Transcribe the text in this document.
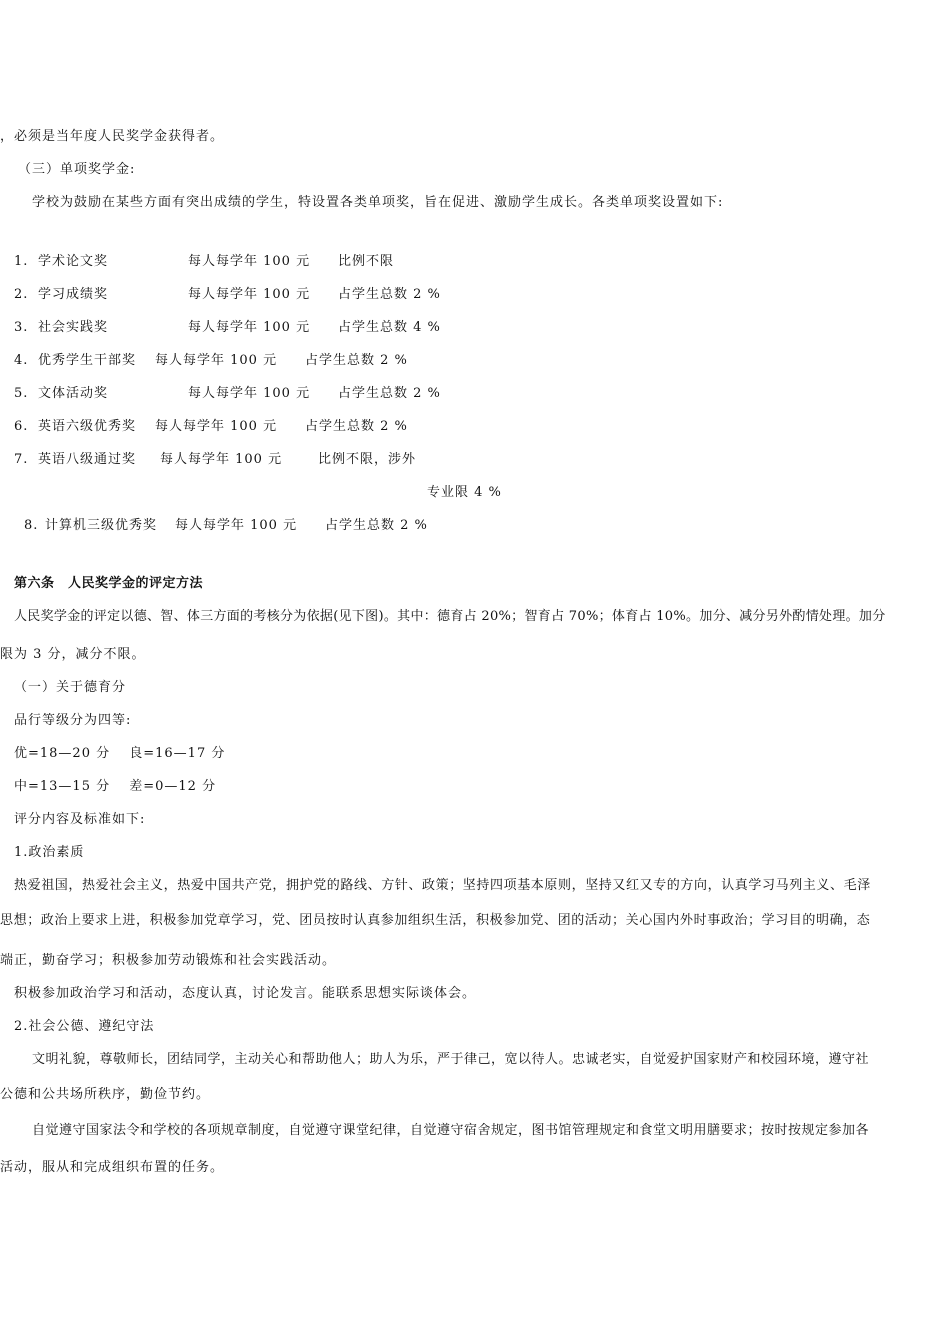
，必须是当年度人民奖学金获得者。
（三）单项奖学金:
学校为鼓励在某些方面有突出成绩的学生，特设置各类单项奖，旨在促进、激励学生成长。各类单项奖设置如下:
1. 学术论文奖	每人每学年 100 元 比例不限
2. 学习成绩奖	每人每学年 100 元 占学生总数 2 %
3. 社会实践奖	每人每学年 100 元 占学生总数 4 %
4. 优秀学生干部奖 每人每学年 100 元 占学生总数 2 %
5. 文体活动奖	每人每学年 100 元 占学生总数 2 %
6. 英语六级优秀奖 每人每学年 100 元 占学生总数 2 %
7. 英语八级通过奖 每人每学年 100 元	比例不限，涉外
专业限 4 %
8. 计算机三级优秀奖 每人每学年 100 元 占学生总数 2 %
第六条　人民奖学金的评定方法
人民奖学金的评定以德、智、体三方面的考核分为依据(见下图)。其中：德育占 20%；智育占 70%；体育占 10%。加分、减分另外酌情处理。加分
限为 3 分，减分不限。
（一）关于德育分
品行等级分为四等:
优=18—20 分　 良=16—17 分
中=13—15 分　 差=0—12 分
评分内容及标准如下:
1.政治素质
热爱祖国，热爱社会主义，热爱中国共产党，拥护党的路线、方针、政策；坚持四项基本原则，坚持又红又专的方向，认真学习马列主义、毛泽
思想；政治上要求上进，积极参加党章学习，党、团员按时认真参加组织生活，积极参加党、团的活动；关心国内外时事政治；学习目的明确，态
端正，勤奋学习；积极参加劳动锻炼和社会实践活动。
积极参加政治学习和活动，态度认真，讨论发言。能联系思想实际谈体会。
2.社会公德、遵纪守法
文明礼貌，尊敬师长，团结同学，主动关心和帮助他人；助人为乐，严于律己，宽以待人。忠诚老实，自觉爱护国家财产和校园环境，遵守社
公德和公共场所秩序，勤俭节约。
自觉遵守国家法令和学校的各项规章制度，自觉遵守课堂纪律，自觉遵守宿舍规定，图书馆管理规定和食堂文明用膳要求；按时按规定参加各
活动，服从和完成组织布置的任务。
